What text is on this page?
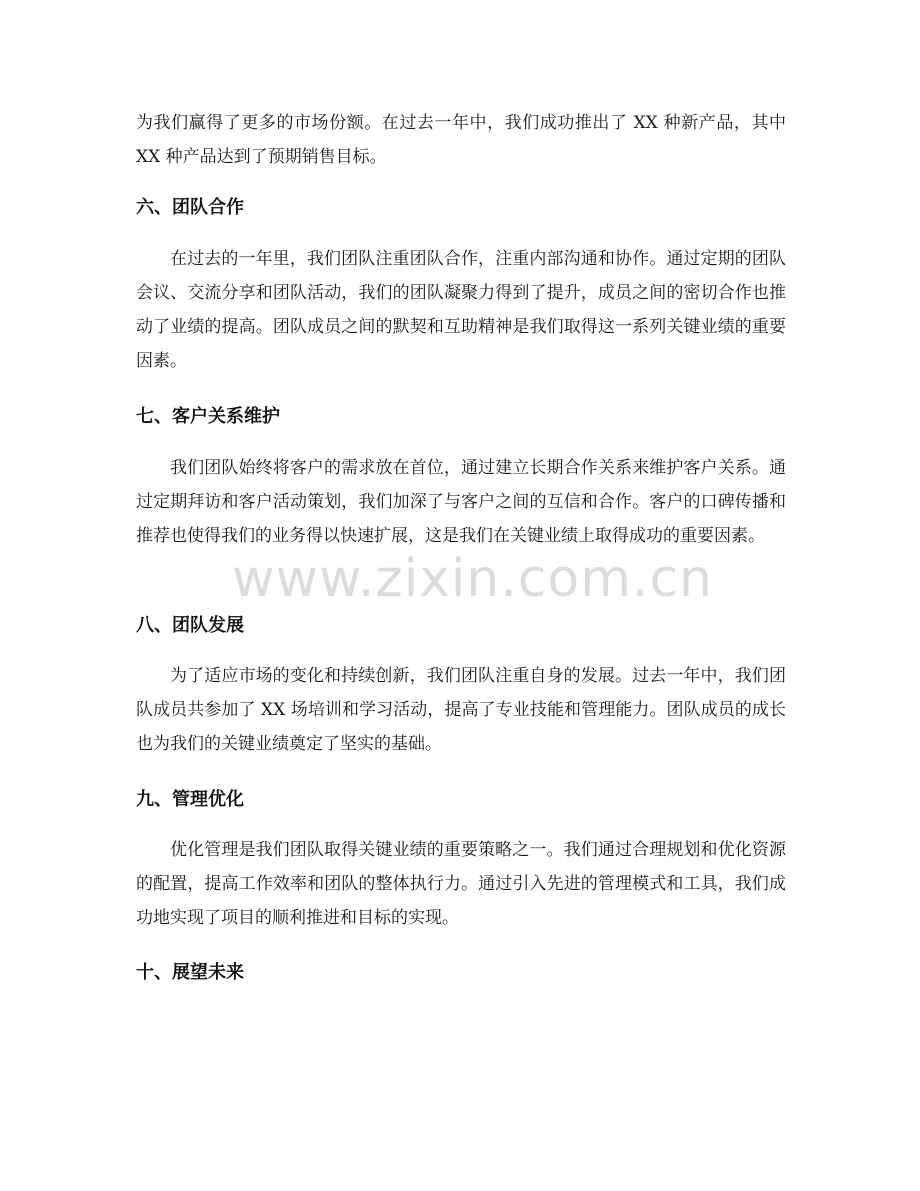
为我们赢得了更多的市场份额。在过去一年中，我们成功推出了 XX 种新产品，其中 XX 种产品达到了预期销售目标。

六、团队合作

在过去的一年里，我们团队注重团队合作，注重内部沟通和协作。通过定期的团队会议、交流分享和团队活动，我们的团队凝聚力得到了提升，成员之间的密切合作也推动了业绩的提高。团队成员之间的默契和互助精神是我们取得这一系列关键业绩的重要因素。

七、客户关系维护

我们团队始终将客户的需求放在首位，通过建立长期合作关系来维护客户关系。通过定期拜访和客户活动策划，我们加深了与客户之间的互信和合作。客户的口碑传播和推荐也使得我们的业务得以快速扩展，这是我们在关键业绩上取得成功的重要因素。

八、团队发展

为了适应市场的变化和持续创新，我们团队注重自身的发展。过去一年中，我们团队成员共参加了 XX 场培训和学习活动，提高了专业技能和管理能力。团队成员的成长也为我们的关键业绩奠定了坚实的基础。

九、管理优化

优化管理是我们团队取得关键业绩的重要策略之一。我们通过合理规划和优化资源的配置，提高工作效率和团队的整体执行力。通过引入先进的管理模式和工具，我们成功地实现了项目的顺利推进和目标的实现。

十、展望未来
www.zixin.com.cn
